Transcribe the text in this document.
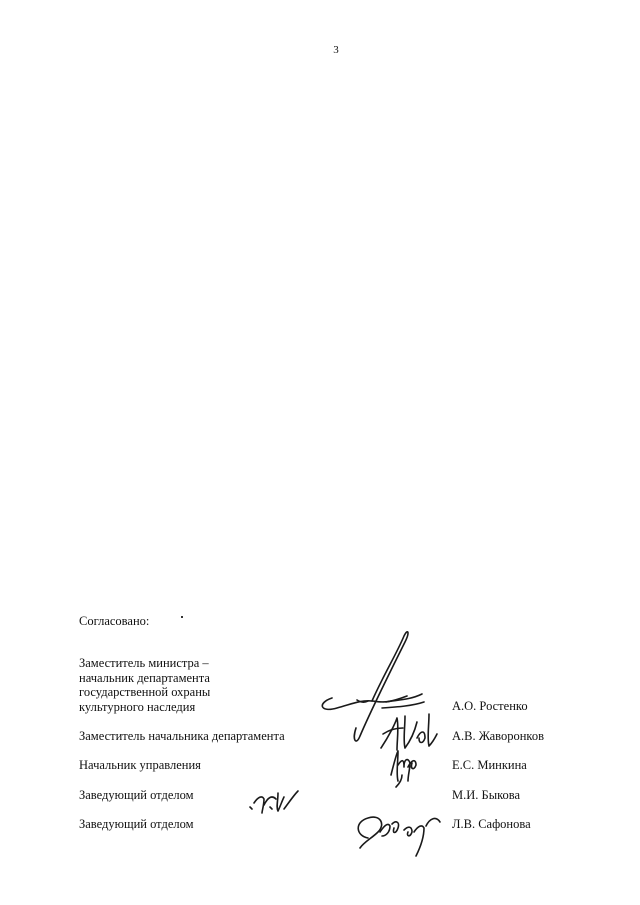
3
Согласовано:
Заместитель министра –
начальник департамента
государственной охраны
культурного наследия	А.О. Ростенко
Заместитель начальника департамента	А.В. Жаворонков
Начальник управления	Е.С. Минкина
Заведующий отделом	М.И. Быкова
Заведующий отделом	Л.В. Сафонова
